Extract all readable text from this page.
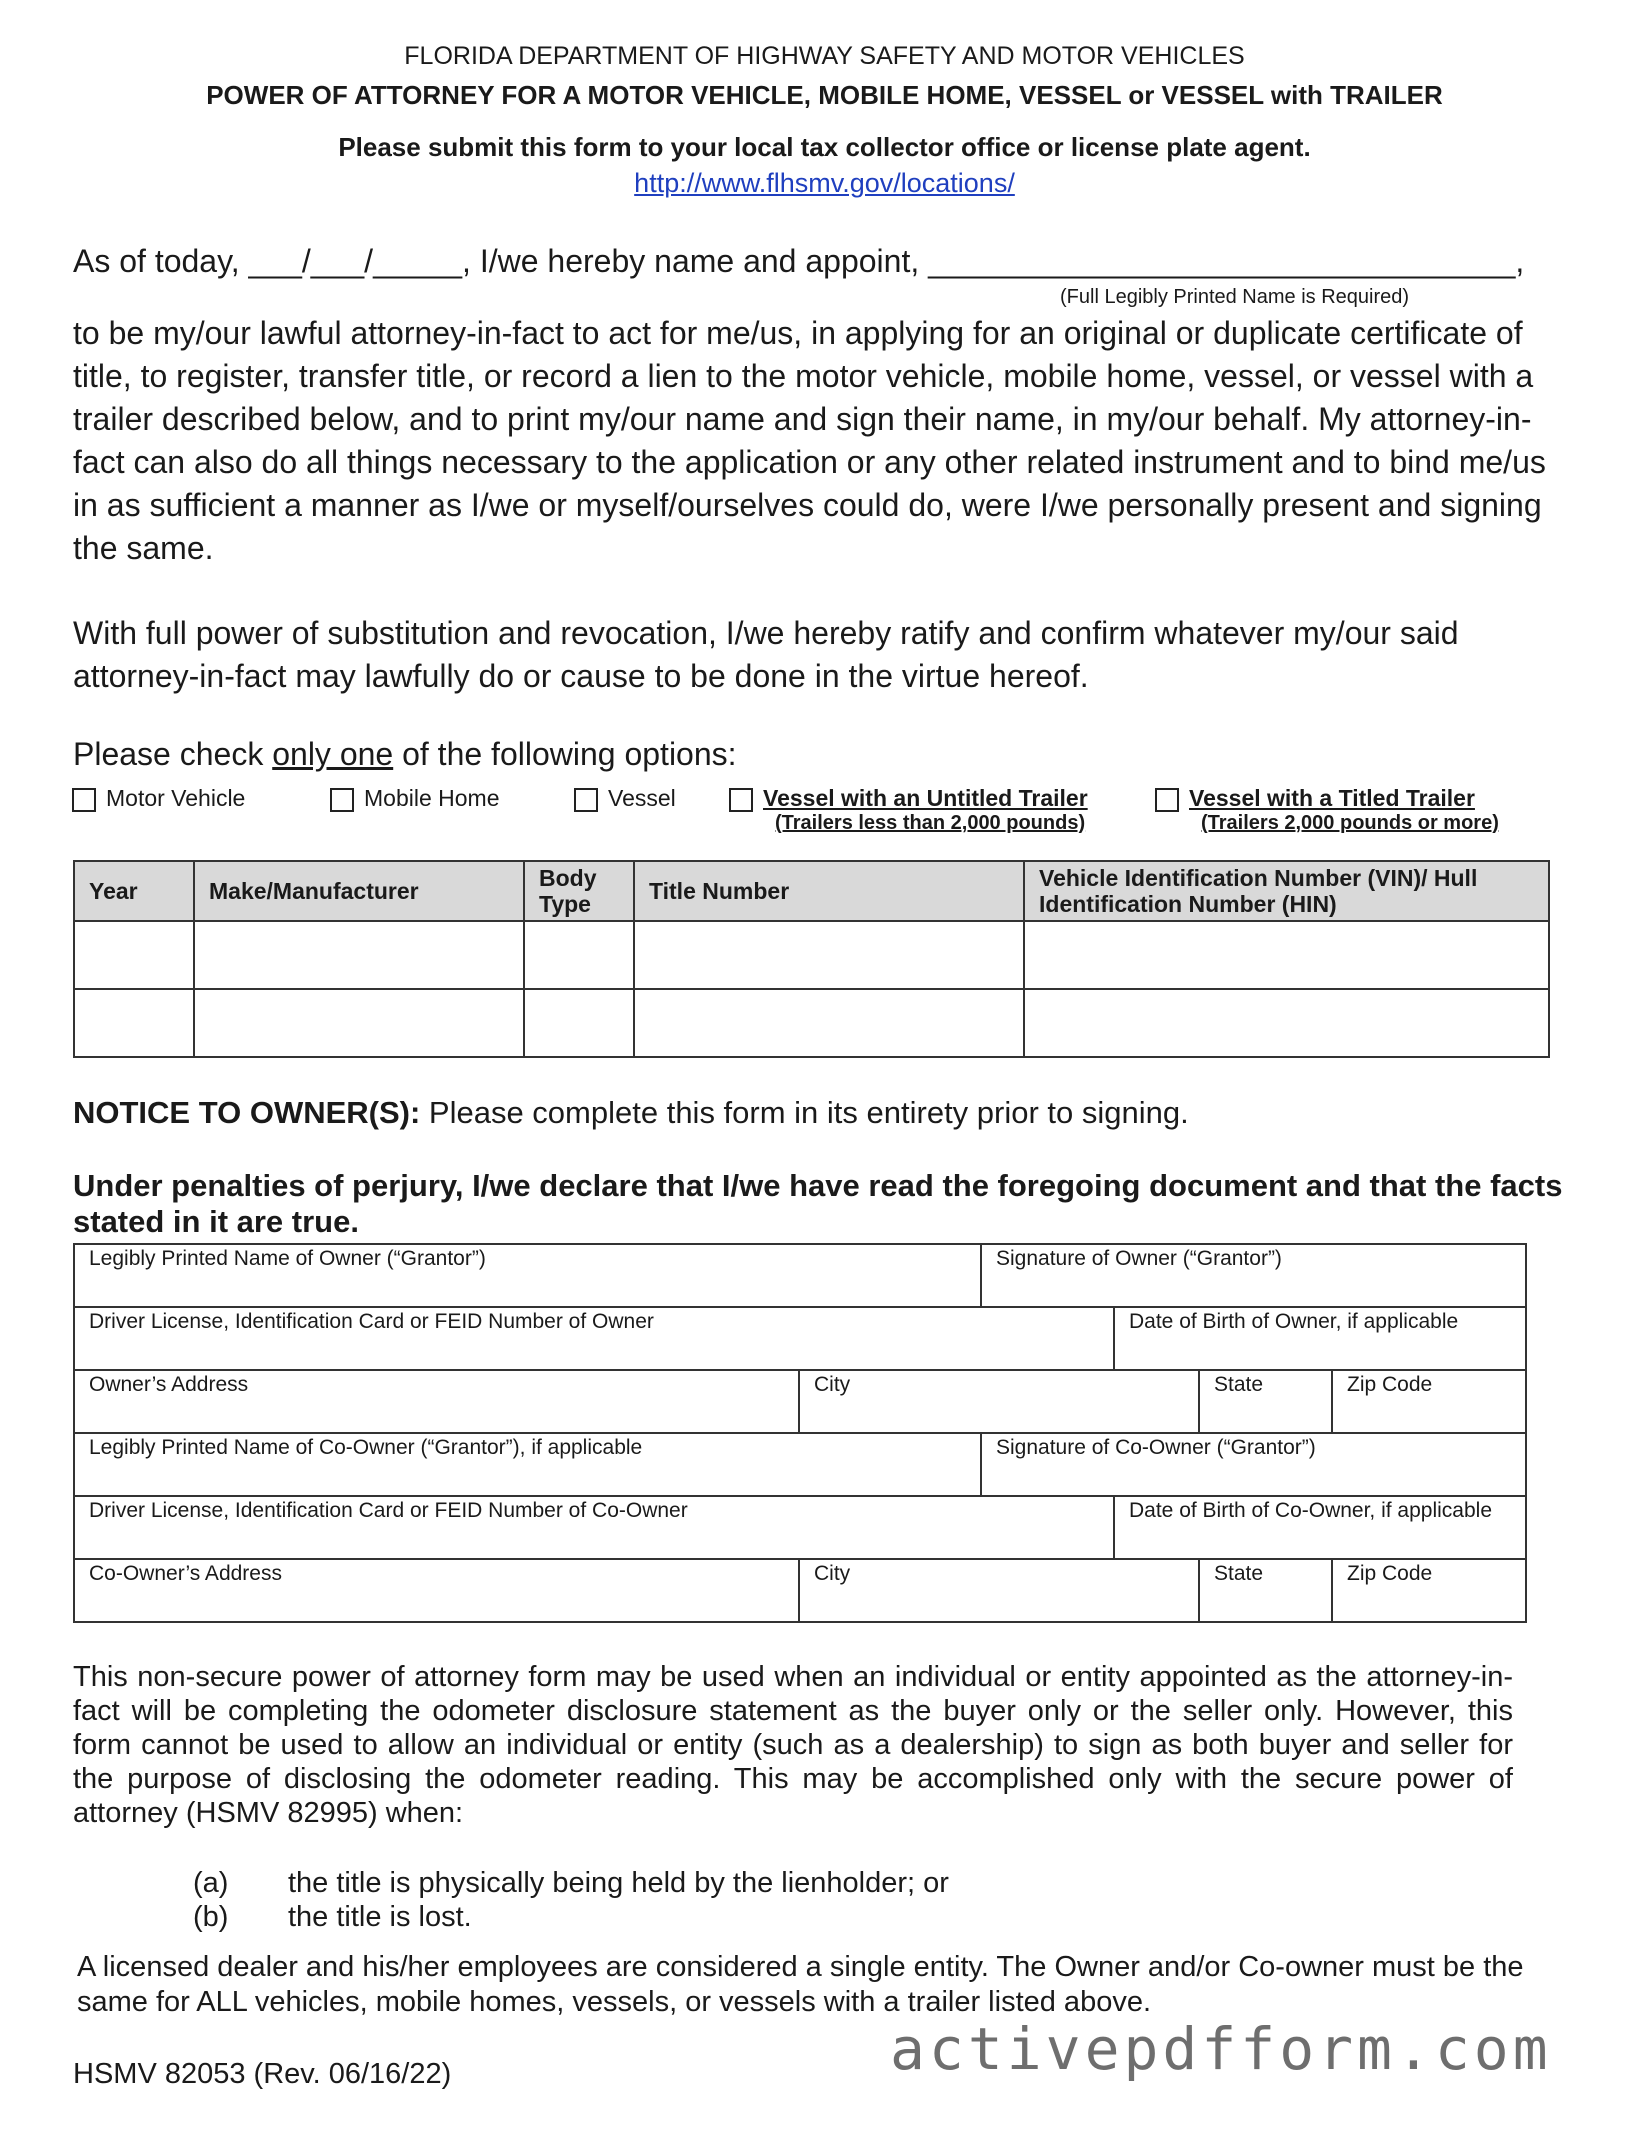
FLORIDA DEPARTMENT OF HIGHWAY SAFETY AND MOTOR VEHICLES
POWER OF ATTORNEY FOR A MOTOR VEHICLE, MOBILE HOME, VESSEL or VESSEL with TRAILER
Please submit this form to your local tax collector office or license plate agent.
http://www.flhsmv.gov/locations/
As of today, ___/___/_____, I/we hereby name and appoint, _________________________________,
(Full Legibly Printed Name is Required)
to be my/our lawful attorney-in-fact to act for me/us, in applying for an original or duplicate certificate of
title, to register, transfer title, or record a lien to the motor vehicle, mobile home, vessel, or vessel with a
trailer described below, and to print my/our name and sign their name, in my/our behalf. My attorney-in-
fact can also do all things necessary to the application or any other related instrument and to bind me/us
in as sufficient a manner as I/we or myself/ourselves could do, were I/we personally present and signing
the same.
With full power of substitution and revocation, I/we hereby ratify and confirm whatever my/our said
attorney-in-fact may lawfully do or cause to be done in the virtue hereof.
Please check only one of the following options:
Motor Vehicle	Mobile Home	Vessel	Vessel with an Untitled Trailer
(Trailers less than 2,000 pounds)
Vessel with a Titled Trailer
(Trailers 2,000 pounds or more)
Year	Make/Manufacturer	Body Type	Title Number	Vehicle Identification Number (VIN)/ Hull Identification Number (HIN)

NOTICE TO OWNER(S): Please complete this form in its entirety prior to signing.
Under penalties of perjury, I/we declare that I/we have read the foregoing document and that the facts stated in it are true.
Legibly Printed Name of Owner (“Grantor”)	Signature of Owner (“Grantor”)
Driver License, Identification Card or FEID Number of Owner	Date of Birth of Owner, if applicable
Owner’s Address	City	State	Zip Code
Legibly Printed Name of Co-Owner (“Grantor”), if applicable	Signature of Co-Owner (“Grantor”)
Driver License, Identification Card or FEID Number of Co-Owner	Date of Birth of Co-Owner, if applicable
Co-Owner’s Address	City	State	Zip Code
This non-secure power of attorney form may be used when an individual or entity appointed as the attorney-in-fact will be completing the odometer disclosure statement as the buyer only or the seller only. However, this form cannot be used to allow an individual or entity (such as a dealership) to sign as both buyer and seller for the purpose of disclosing the odometer reading. This may be accomplished only with the secure power of attorney (HSMV 82995) when:
(a) the title is physically being held by the lienholder; or
(b) the title is lost.
A licensed dealer and his/her employees are considered a single entity. The Owner and/or Co-owner must be the
same for ALL vehicles, mobile homes, vessels, or vessels with a trailer listed above.
HSMV 82053 (Rev. 06/16/22)	activepdfform.com
